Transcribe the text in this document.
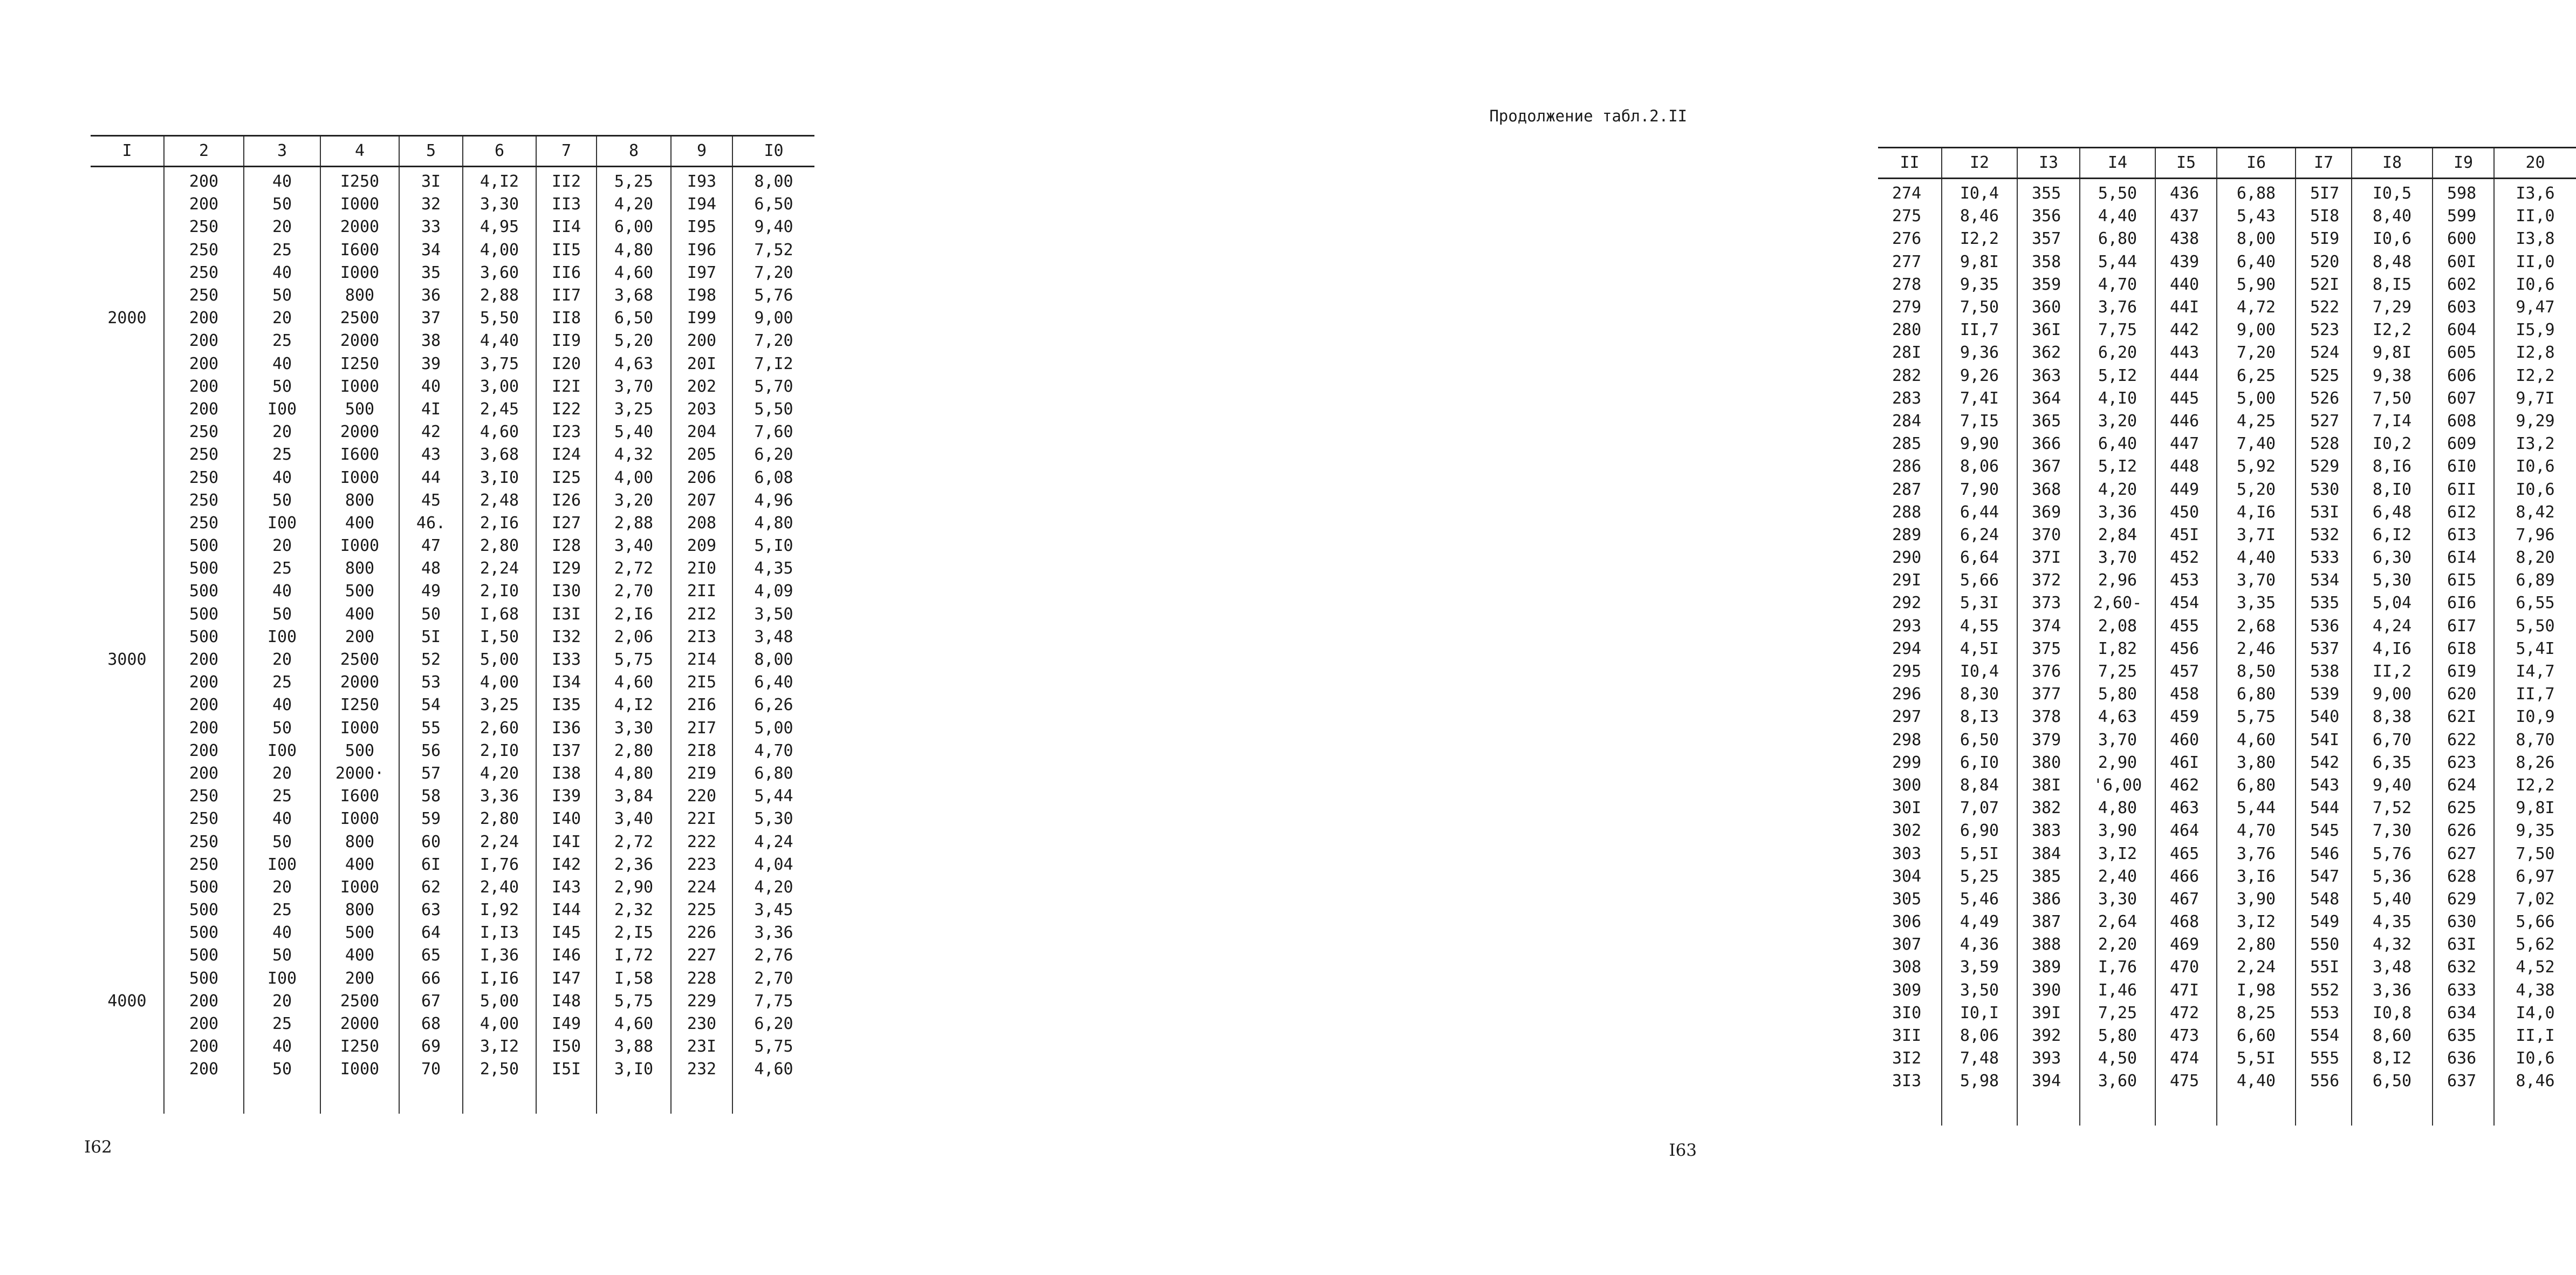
I	2	3	4	5	6	7	8	9	I0
	200	40	I250	3I	4,I2	II2	5,25	I93	8,00
	200	50	I000	32	3,30	II3	4,20	I94	6,50
	250	20	2000	33	4,95	II4	6,00	I95	9,40
	250	25	I600	34	4,00	II5	4,80	I96	7,52
	250	40	I000	35	3,60	II6	4,60	I97	7,20
	250	50	800	36	2,88	II7	3,68	I98	5,76
2000	200	20	2500	37	5,50	II8	6,50	I99	9,00
	200	25	2000	38	4,40	II9	5,20	200	7,20
	200	40	I250	39	3,75	I20	4,63	20I	7,I2
	200	50	I000	40	3,00	I2I	3,70	202	5,70
	200	I00	500	4I	2,45	I22	3,25	203	5,50
	250	20	2000	42	4,60	I23	5,40	204	7,60
	250	25	I600	43	3,68	I24	4,32	205	6,20
	250	40	I000	44	3,I0	I25	4,00	206	6,08
	250	50	800	45	2,48	I26	3,20	207	4,96
	250	I00	400	46.	2,I6	I27	2,88	208	4,80
	500	20	I000	47	2,80	I28	3,40	209	5,I0
	500	25	800	48	2,24	I29	2,72	2I0	4,35
	500	40	500	49	2,I0	I30	2,70	2II	4,09
	500	50	400	50	I,68	I3I	2,I6	2I2	3,50
	500	I00	200	5I	I,50	I32	2,06	2I3	3,48
3000	200	20	2500	52	5,00	I33	5,75	2I4	8,00
	200	25	2000	53	4,00	I34	4,60	2I5	6,40
	200	40	I250	54	3,25	I35	4,I2	2I6	6,26
	200	50	I000	55	2,60	I36	3,30	2I7	5,00
	200	I00	500	56	2,I0	I37	2,80	2I8	4,70
	200	20	2000·	57	4,20	I38	4,80	2I9	6,80
	250	25	I600	58	3,36	I39	3,84	220	5,44
	250	40	I000	59	2,80	I40	3,40	22I	5,30
	250	50	800	60	2,24	I4I	2,72	222	4,24
	250	I00	400	6I	I,76	I42	2,36	223	4,04
	500	20	I000	62	2,40	I43	2,90	224	4,20
	500	25	800	63	I,92	I44	2,32	225	3,45
	500	40	500	64	I,I3	I45	2,I5	226	3,36
	500	50	400	65	I,36	I46	I,72	227	2,76
	500	I00	200	66	I,I6	I47	I,58	228	2,70
4000	200	20	2500	67	5,00	I48	5,75	229	7,75
	200	25	2000	68	4,00	I49	4,60	230	6,20
	200	40	I250	69	3,I2	I50	3,88	23I	5,75
	200	50	I000	70	2,50	I5I	3,I0	232	4,60

I62
Продолжение табл.2.II
II	I2	I3	I4	I5	I6	I7	I8	I9	20
274	I0,4	355	5,50	436	6,88	5I7	I0,5	598	I3,6
275	8,46	356	4,40	437	5,43	5I8	8,40	599	II,0
276	I2,2	357	6,80	438	8,00	5I9	I0,6	600	I3,8
277	9,8I	358	5,44	439	6,40	520	8,48	60I	II,0
278	9,35	359	4,70	440	5,90	52I	8,I5	602	I0,6
279	7,50	360	3,76	44I	4,72	522	7,29	603	9,47
280	II,7	36I	7,75	442	9,00	523	I2,2	604	I5,9
28I	9,36	362	6,20	443	7,20	524	9,8I	605	I2,8
282	9,26	363	5,I2	444	6,25	525	9,38	606	I2,2
283	7,4I	364	4,I0	445	5,00	526	7,50	607	9,7I
284	7,I5	365	3,20	446	4,25	527	7,I4	608	9,29
285	9,90	366	6,40	447	7,40	528	I0,2	609	I3,2
286	8,06	367	5,I2	448	5,92	529	8,I6	6I0	I0,6
287	7,90	368	4,20	449	5,20	530	8,I0	6II	I0,6
288	6,44	369	3,36	450	4,I6	53I	6,48	6I2	8,42
289	6,24	370	2,84	45I	3,7I	532	6,I2	6I3	7,96
290	6,64	37I	3,70	452	4,40	533	6,30	6I4	8,20
29I	5,66	372	2,96	453	3,70	534	5,30	6I5	6,89
292	5,3I	373	2,60-	454	3,35	535	5,04	6I6	6,55
293	4,55	374	2,08	455	2,68	536	4,24	6I7	5,50
294	4,5I	375	I,82	456	2,46	537	4,I6	6I8	5,4I
295	I0,4	376	7,25	457	8,50	538	II,2	6I9	I4,7
296	8,30	377	5,80	458	6,80	539	9,00	620	II,7
297	8,I3	378	4,63	459	5,75	540	8,38	62I	I0,9
298	6,50	379	3,70	460	4,60	54I	6,70	622	8,70
299	6,I0	380	2,90	46I	3,80	542	6,35	623	8,26
300	8,84	38I	'6,00	462	6,80	543	9,40	624	I2,2
30I	7,07	382	4,80	463	5,44	544	7,52	625	9,8I
302	6,90	383	3,90	464	4,70	545	7,30	626	9,35
303	5,5I	384	3,I2	465	3,76	546	5,76	627	7,50
304	5,25	385	2,40	466	3,I6	547	5,36	628	6,97
305	5,46	386	3,30	467	3,90	548	5,40	629	7,02
306	4,49	387	2,64	468	3,I2	549	4,35	630	5,66
307	4,36	388	2,20	469	2,80	550	4,32	63I	5,62
308	3,59	389	I,76	470	2,24	55I	3,48	632	4,52
309	3,50	390	I,46	47I	I,98	552	3,36	633	4,38
3I0	I0,I	39I	7,25	472	8,25	553	I0,8	634	I4,0
3II	8,06	392	5,80	473	6,60	554	8,60	635	II,I
3I2	7,48	393	4,50	474	5,5I	555	8,I2	636	I0,6
3I3	5,98	394	3,60	475	4,40	556	6,50	637	8,46

I63
